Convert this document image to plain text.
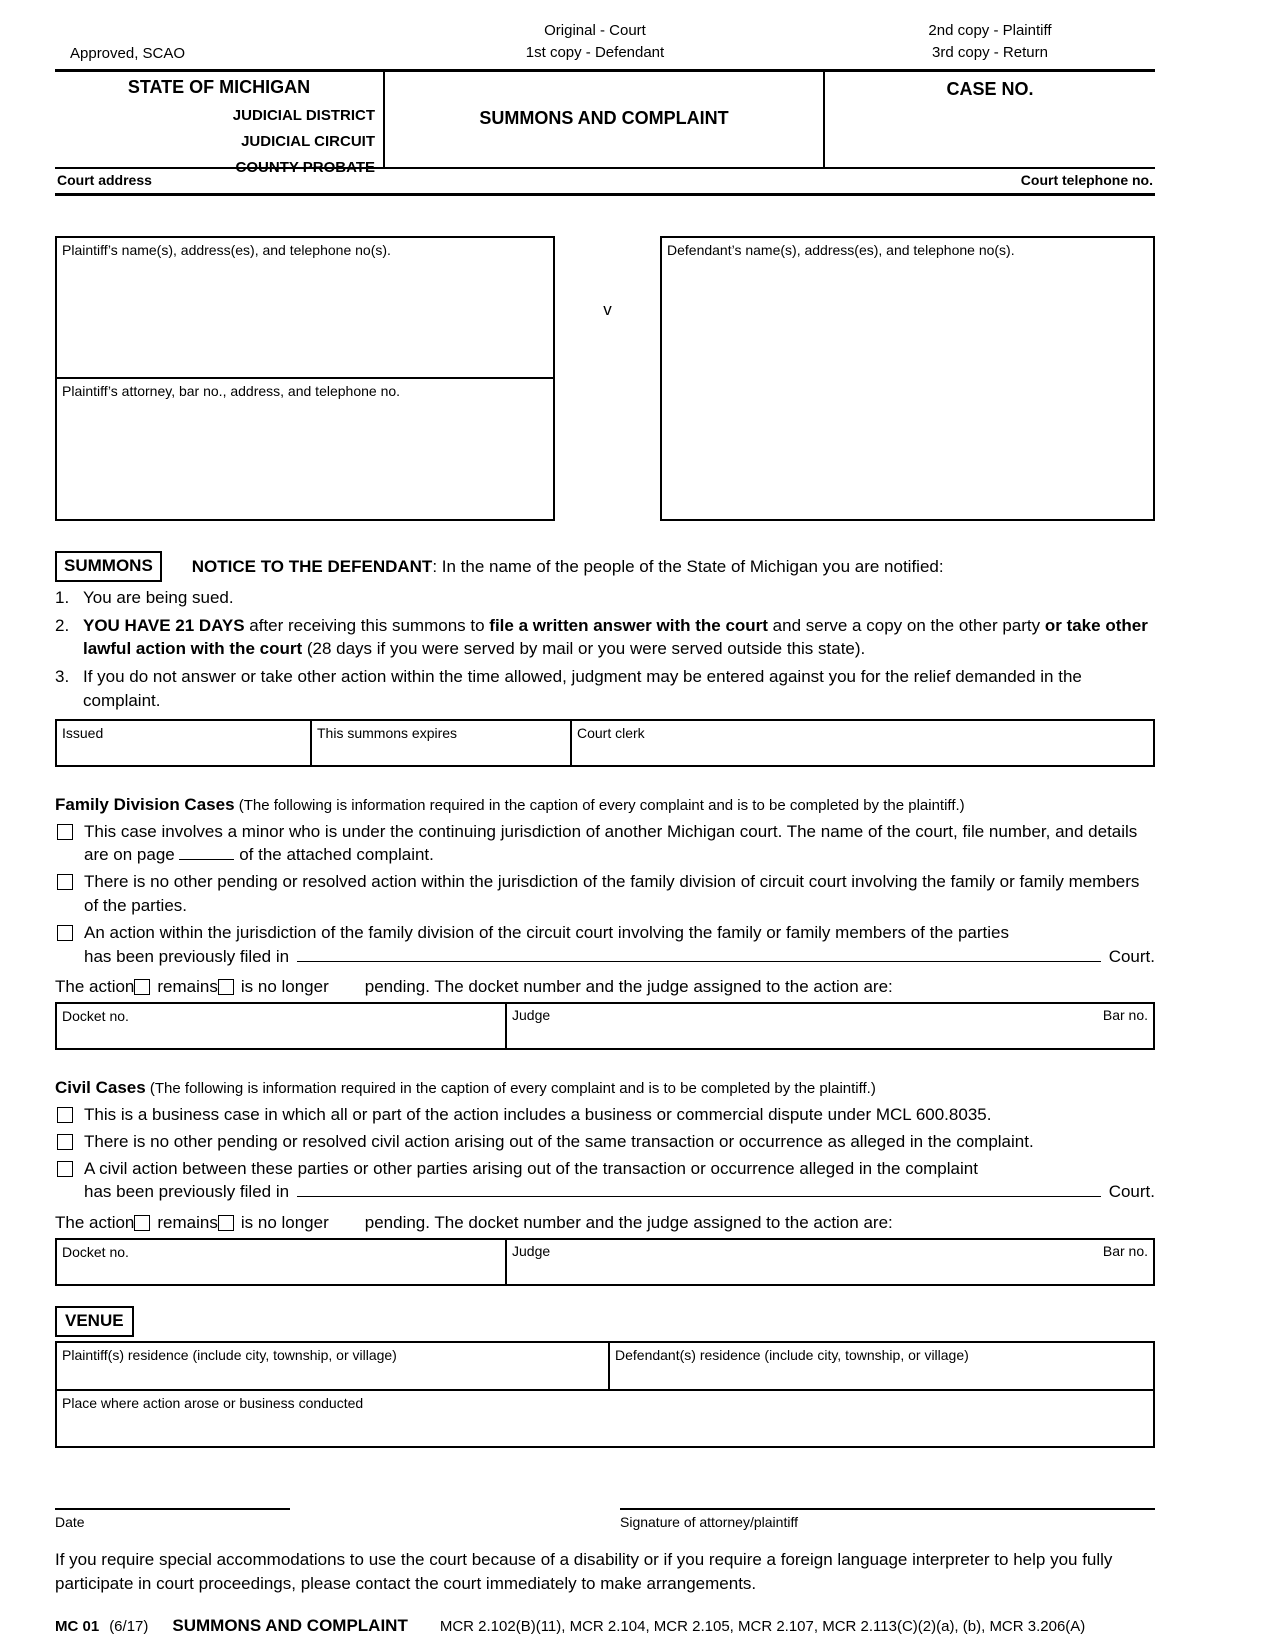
Approved, SCAO
Original - Court
1st copy - Defendant
2nd copy - Plaintiff
3rd copy - Return
STATE OF MICHIGAN
JUDICIAL DISTRICT
JUDICIAL CIRCUIT
COUNTY PROBATE
SUMMONS AND COMPLAINT
CASE NO.
Court address	Court telephone no.
Plaintiff’s name(s), address(es), and telephone no(s).
Plaintiff’s attorney, bar no., address, and telephone no.
v
Defendant’s name(s), address(es), and telephone no(s).
SUMMONS	NOTICE TO THE DEFENDANT: In the name of the people of the State of Michigan you are notified:
1. You are being sued.
2. YOU HAVE 21 DAYS after receiving this summons to file a written answer with the court and serve a copy on the other party or take other lawful action with the court (28 days if you were served by mail or you were served outside this state).
3. If you do not answer or take other action within the time allowed, judgment may be entered against you for the relief demanded in the complaint.
Issued	This summons expires	Court clerk
Family Division Cases (The following is information required in the caption of every complaint and is to be completed by the plaintiff.)
This case involves a minor who is under the continuing jurisdiction of another Michigan court. The name of the court, file number, and details are on page	of the attached complaint.
There is no other pending or resolved action within the jurisdiction of the family division of circuit court involving the family or family members of the parties.
An action within the jurisdiction of the family division of the circuit court involving the family or family members of the parties
has been previously filed in	Court.
The action remains is no longer pending. The docket number and the judge assigned to the action are:
Docket no.	Judge	Bar no.
Civil Cases (The following is information required in the caption of every complaint and is to be completed by the plaintiff.)
This is a business case in which all or part of the action includes a business or commercial dispute under MCL 600.8035.
There is no other pending or resolved civil action arising out of the same transaction or occurrence as alleged in the complaint.
A civil action between these parties or other parties arising out of the transaction or occurrence alleged in the complaint
has been previously filed in	Court.
The action remains is no longer pending. The docket number and the judge assigned to the action are:
Docket no.	Judge	Bar no.
VENUE
Plaintiff(s) residence (include city, township, or village)	Defendant(s) residence (include city, township, or village)
Place where action arose or business conducted
Date	Signature of attorney/plaintiff
If you require special accommodations to use the court because of a disability or if you require a foreign language interpreter to help you fully participate in court proceedings, please contact the court immediately to make arrangements.
MC 01 (6/17) SUMMONS AND COMPLAINT MCR 2.102(B)(11), MCR 2.104, MCR 2.105, MCR 2.107, MCR 2.113(C)(2)(a), (b), MCR 3.206(A)
